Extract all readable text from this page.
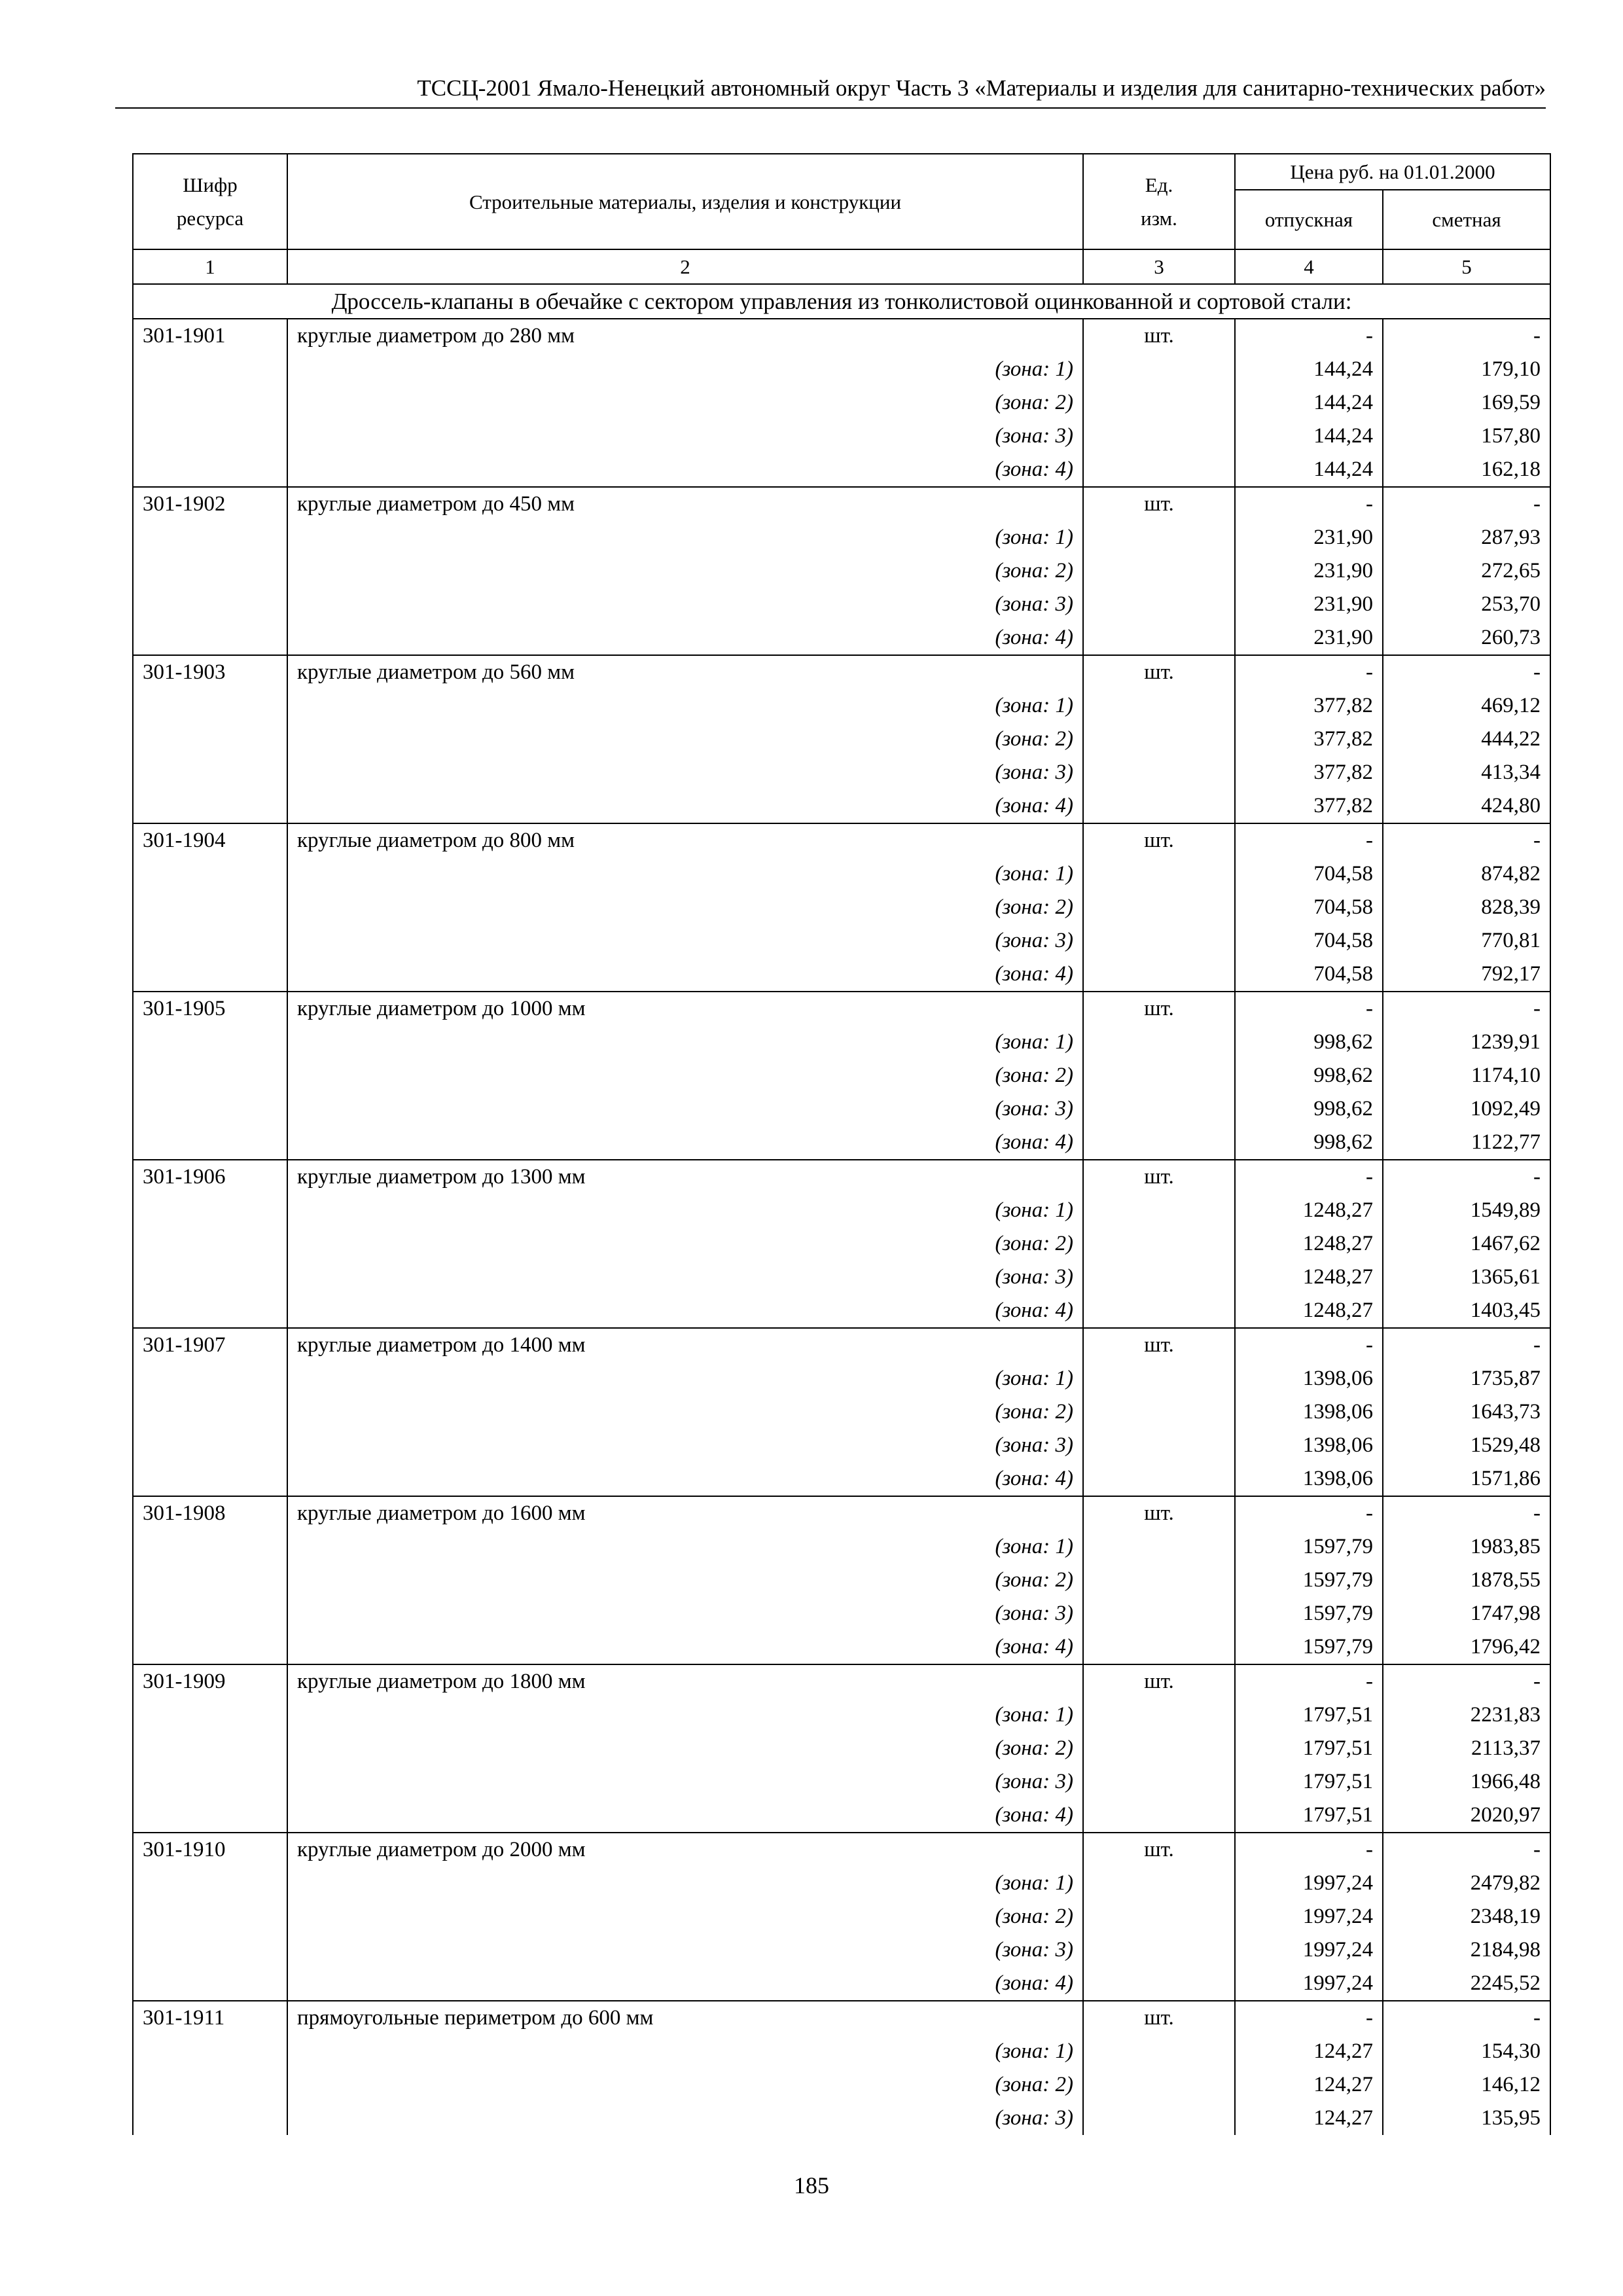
ТССЦ-2001 Ямало-Ненецкий автономный округ Часть 3 «Материалы и изделия для санитарно-технических работ»
Шифр
ресурса	Строительные материалы, изделия и конструкции	Ед.
изм.	Цена руб. на 01.01.2000	
			отпускная	сметная
1	2	3	4	5
Дроссель-клапаны в обечайке с сектором управления из тонколистовой оцинкованной и сортовой стали:				
301-1901	круглые диаметром до 280 мм	шт.	-	-
	(зона: 1)		144,24	179,10
	(зона: 2)		144,24	169,59
	(зона: 3)		144,24	157,80
	(зона: 4)		144,24	162,18
301-1902	круглые диаметром до 450 мм	шт.	-	-
	(зона: 1)		231,90	287,93
	(зона: 2)		231,90	272,65
	(зона: 3)		231,90	253,70
	(зона: 4)		231,90	260,73
301-1903	круглые диаметром до 560 мм	шт.	-	-
	(зона: 1)		377,82	469,12
	(зона: 2)		377,82	444,22
	(зона: 3)		377,82	413,34
	(зона: 4)		377,82	424,80
301-1904	круглые диаметром до 800 мм	шт.	-	-
	(зона: 1)		704,58	874,82
	(зона: 2)		704,58	828,39
	(зона: 3)		704,58	770,81
	(зона: 4)		704,58	792,17
301-1905	круглые диаметром до 1000 мм	шт.	-	-
	(зона: 1)		998,62	1239,91
	(зона: 2)		998,62	1174,10
	(зона: 3)		998,62	1092,49
	(зона: 4)		998,62	1122,77
301-1906	круглые диаметром до 1300 мм	шт.	-	-
	(зона: 1)		1248,27	1549,89
	(зона: 2)		1248,27	1467,62
	(зона: 3)		1248,27	1365,61
	(зона: 4)		1248,27	1403,45
301-1907	круглые диаметром до 1400 мм	шт.	-	-
	(зона: 1)		1398,06	1735,87
	(зона: 2)		1398,06	1643,73
	(зона: 3)		1398,06	1529,48
	(зона: 4)		1398,06	1571,86
301-1908	круглые диаметром до 1600 мм	шт.	-	-
	(зона: 1)		1597,79	1983,85
	(зона: 2)		1597,79	1878,55
	(зона: 3)		1597,79	1747,98
	(зона: 4)		1597,79	1796,42
301-1909	круглые диаметром до 1800 мм	шт.	-	-
	(зона: 1)		1797,51	2231,83
	(зона: 2)		1797,51	2113,37
	(зона: 3)		1797,51	1966,48
	(зона: 4)		1797,51	2020,97
301-1910	круглые диаметром до 2000 мм	шт.	-	-
	(зона: 1)		1997,24	2479,82
	(зона: 2)		1997,24	2348,19
	(зона: 3)		1997,24	2184,98
	(зона: 4)		1997,24	2245,52
301-1911	прямоугольные периметром до 600 мм	шт.	-	-
	(зона: 1)		124,27	154,30
	(зона: 2)		124,27	146,12
	(зона: 3)		124,27	135,95
185
